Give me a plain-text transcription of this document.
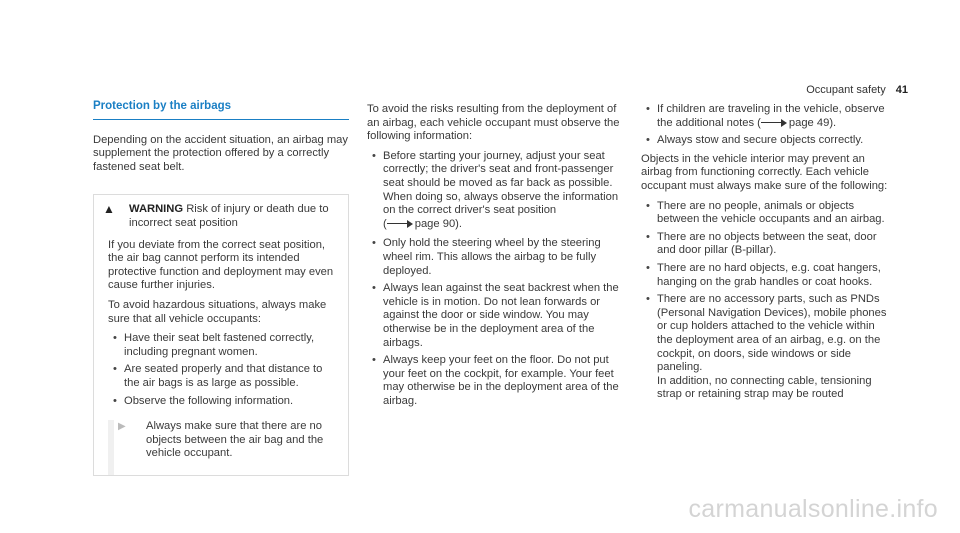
Occupant safety 41
Protection by the airbags

Depending on the accident situation, an airbag may supplement the protection offered by a correctly fastened seat belt.

▲	WARNING Risk of injury or death due to incorrect seat position

If you deviate from the correct seat position, the air bag cannot perform its intended protective function and deployment may even cause further injuries.

To avoid hazardous situations, always make sure that all vehicle occupants:

• Have their seat belt fastened correctly, including pregnant women.
• Are seated properly and that distance to the air bags is as large as possible.
• Observe the following information.
▶	Always make sure that there are no objects between the air bag and the vehicle occupant.

To avoid the risks resulting from the deployment of an airbag, each vehicle occupant must observe the following information:

• Before starting your journey, adjust your seat correctly; the driver's seat and front-passenger seat should be moved as far back as possible.

When doing so, always observe the information on the correct driver's seat position (	page 90).

• Only hold the steering wheel by the steering wheel rim. This allows the airbag to be fully deployed.
• Always lean against the seat backrest when the vehicle is in motion. Do not lean forwards or against the door or side window. You may otherwise be in the deployment area of the airbags.
• Always keep your feet on the floor. Do not put your feet on the cockpit, for example. Your feet may otherwise be in the deployment area of the airbag.
• If children are traveling in the vehicle, observe the additional notes (	page 49).
• Always stow and secure objects correctly.

Objects in the vehicle interior may prevent an airbag from functioning correctly. Each vehicle occupant must always make sure of the following:

• There are no people, animals or objects between the vehicle occupants and an airbag.
• There are no objects between the seat, door and door pillar (B-pillar).
• There are no hard objects, e.g. coat hangers, hanging on the grab handles or coat hooks.
• There are no accessory parts, such as PNDs (Personal Navigation Devices), mobile phones or cup holders attached to the vehicle within the deployment area of an airbag, e.g. on the cockpit, on doors, side windows or side paneling.

In addition, no connecting cable, tensioning strap or retaining strap may be routed

carmanualsonline.info
